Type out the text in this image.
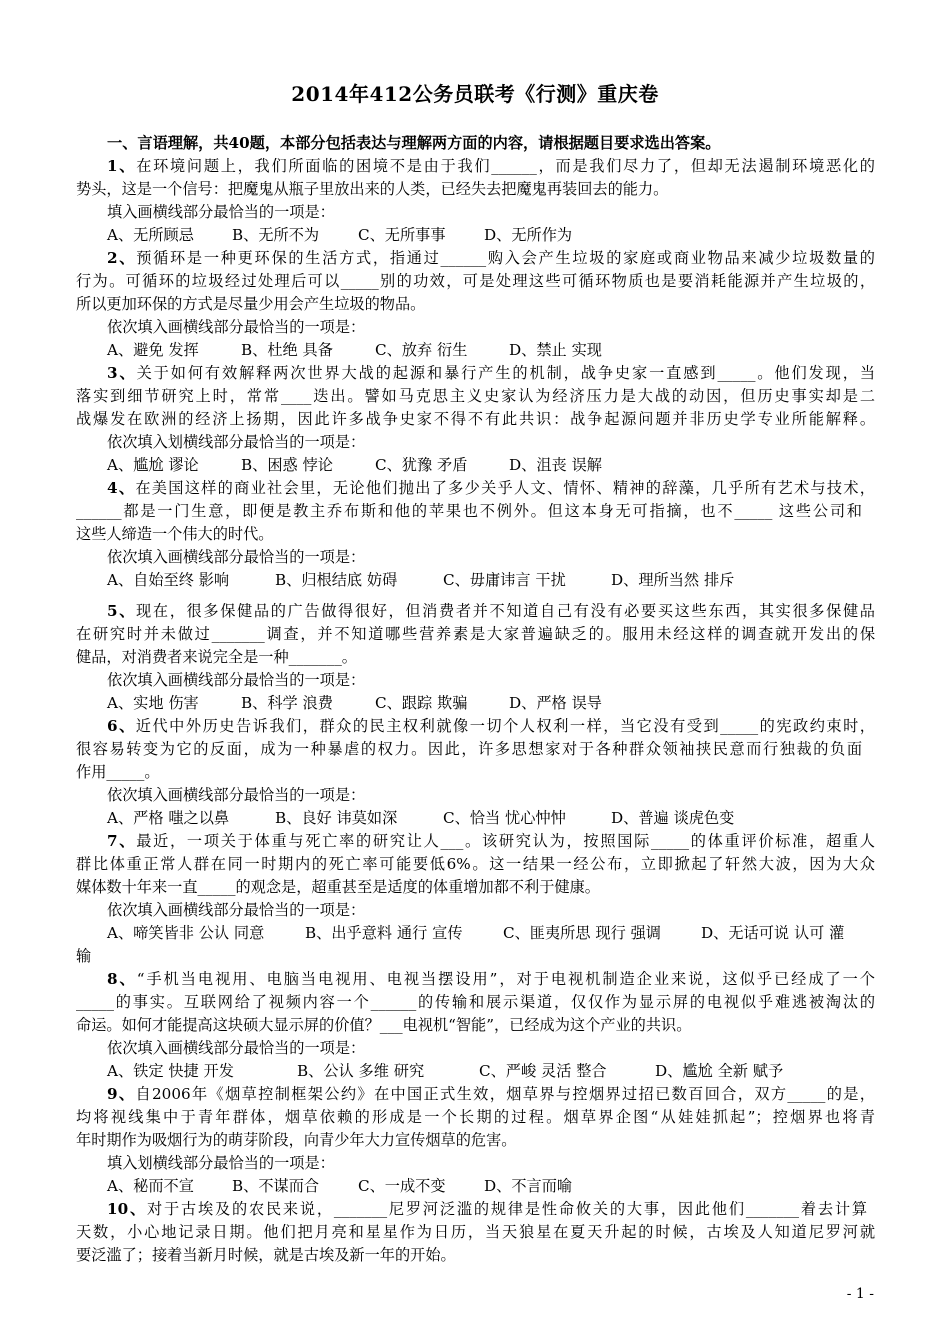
2014年412公务员联考《行测》重庆卷
一、言语理解，共40题，本部分包括表达与理解两方面的内容，请根据题目要求选出答案。
1、在环境问题上，我们所面临的困境不是由于我们______，而是我们尽力了，但却无法遏制环境恶化的
势头，这是一个信号：把魔鬼从瓶子里放出来的人类，已经失去把魔鬼再装回去的能力。
填入画横线部分最恰当的一项是：
A、无所顾忌	B、无所不为	C、无所事事	D、无所作为
2、预循环是一种更环保的生活方式，指通过______购入会产生垃圾的家庭或商业物品来减少垃圾数量的
行为。可循环的垃圾经过处理后可以_____别的功效，可是处理这些可循环物质也是要消耗能源并产生垃圾的，
所以更加环保的方式是尽量少用会产生垃圾的物品。
依次填入画横线部分最恰当的一项是：
A、避免 发挥	B、杜绝 具备	C、放弃 衍生	D、禁止 实现
3、关于如何有效解释两次世界大战的起源和暴行产生的机制，战争史家一直感到_____。他们发现，当
落实到细节研究上时，常常____迭出。譬如马克思主义史家认为经济压力是大战的动因，但历史事实却是二
战爆发在欧洲的经济上扬期，因此许多战争史家不得不有此共识：战争起源问题并非历史学专业所能解释。
依次填入划横线部分最恰当的一项是：
A、尴尬 谬论	B、困惑 悖论	C、犹豫 矛盾	D、沮丧 误解
4、在美国这样的商业社会里，无论他们抛出了多少关乎人文、情怀、精神的辞藻，几乎所有艺术与技术，
______都是一门生意，即便是教主乔布斯和他的苹果也不例外。但这本身无可指摘，也不_____ 这些公司和
这些人缔造一个伟大的时代。
依次填入画横线部分最恰当的一项是：
A、自始至终 影响	B、归根结底 妨碍	C、毋庸讳言 干扰	D、理所当然 排斥
5、现在，很多保健品的广告做得很好，但消费者并不知道自己有没有必要买这些东西，其实很多保健品
在研究时并未做过_______调查，并不知道哪些营养素是大家普遍缺乏的。服用未经这样的调查就开发出的保
健品，对消费者来说完全是一种_______。
依次填入画横线部分最恰当的一项是：
A、实地 伤害	B、科学 浪费	C、跟踪 欺骗	D、严格 误导
6、近代中外历史告诉我们，群众的民主权利就像一切个人权利一样，当它没有受到_____的宪政约束时，
很容易转变为它的反面，成为一种暴虐的权力。因此，许多思想家对于各种群众领袖挟民意而行独裁的负面
作用_____。
依次填入画横线部分最恰当的一项是：
A、严格 嗤之以鼻	B、良好 讳莫如深	C、恰当 忧心忡忡	D、普遍 谈虎色变
7、最近，一项关于体重与死亡率的研究让人___。该研究认为，按照国际_____的体重评价标准，超重人
群比体重正常人群在同一时期内的死亡率可能要低6%。这一结果一经公布，立即掀起了轩然大波，因为大众
媒体数十年来一直_____的观念是，超重甚至是适度的体重增加都不利于健康。
依次填入画横线部分最恰当的一项是：
A、啼笑皆非 公认 同意	B、出乎意料 通行 宣传	C、匪夷所思 现行 强调	D、无话可说 认可 灌
输
8、“手机当电视用、电脑当电视用、电视当摆设用”，对于电视机制造企业来说，这似乎已经成了一个
_____的事实。互联网给了视频内容一个______的传输和展示渠道，仅仅作为显示屏的电视似乎难逃被淘汰的
命运。如何才能提高这块硕大显示屏的价值？___电视机“智能”，已经成为这个产业的共识。
依次填入画横线部分最恰当的一项是：
A、铁定 快捷 开发	B、公认 多维 研究	C、严峻 灵活 整合	D、尴尬 全新 赋予
9、自2006年《烟草控制框架公约》在中国正式生效，烟草界与控烟界过招已数百回合，双方_____的是，
均将视线集中于青年群体，烟草依赖的形成是一个长期的过程。烟草界企图“从娃娃抓起”；控烟界也将青
年时期作为吸烟行为的萌芽阶段，向青少年大力宣传烟草的危害。
填入划横线部分最恰当的一项是：
A、秘而不宣	B、不谋而合	C、一成不变	D、不言而喻
10、对于古埃及的农民来说，_______尼罗河泛滥的规律是性命攸关的大事，因此他们_______着去计算
天数，小心地记录日期。他们把月亮和星星作为日历，当天狼星在夏天升起的时候，古埃及人知道尼罗河就
要泛滥了；接着当新月时候，就是古埃及新一年的开始。
- 1 -
